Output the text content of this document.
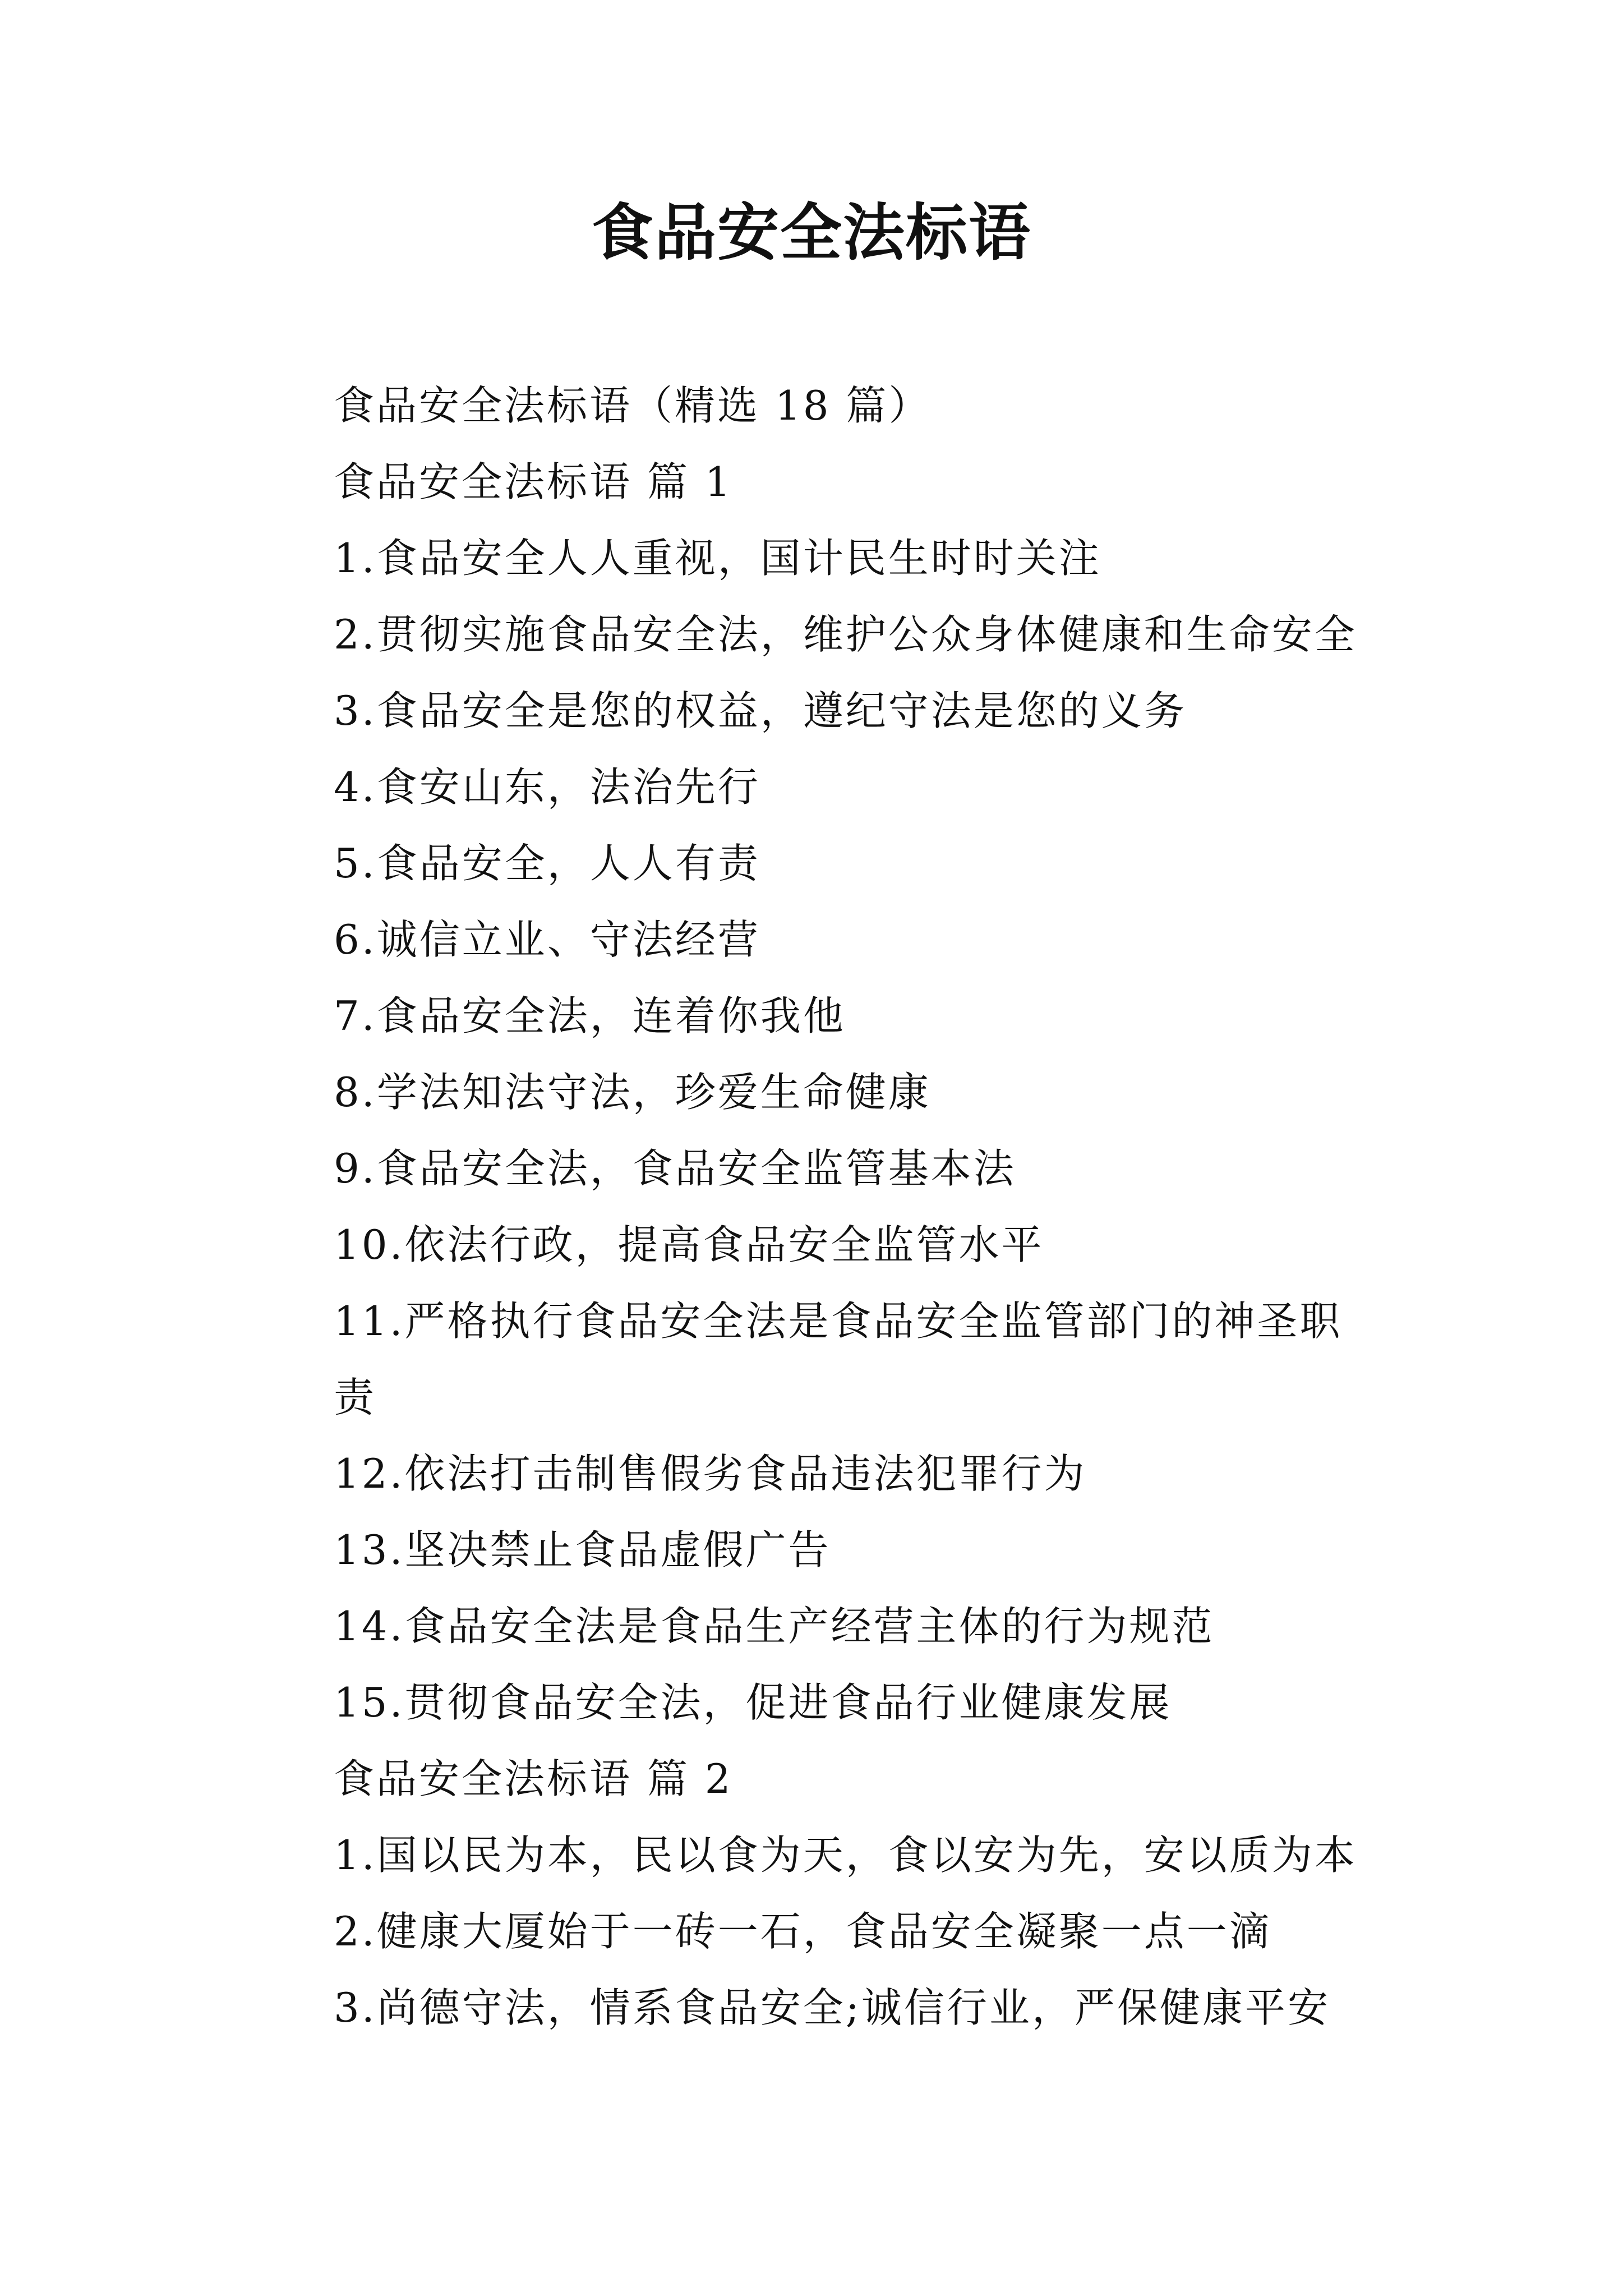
食品安全法标语
食品安全法标语（精选 18 篇）
食品安全法标语 篇 1
1.食品安全人人重视，国计民生时时关注
2.贯彻实施食品安全法，维护公众身体健康和生命安全
3.食品安全是您的权益，遵纪守法是您的义务
4.食安山东，法治先行
5.食品安全，人人有责
6.诚信立业、守法经营
7.食品安全法，连着你我他
8.学法知法守法，珍爱生命健康
9.食品安全法，食品安全监管基本法
10.依法行政，提高食品安全监管水平
11.严格执行食品安全法是食品安全监管部门的神圣职责
12.依法打击制售假劣食品违法犯罪行为
13.坚决禁止食品虚假广告
14.食品安全法是食品生产经营主体的行为规范
15.贯彻食品安全法，促进食品行业健康发展
食品安全法标语 篇 2
1.国以民为本，民以食为天，食以安为先，安以质为本
2.健康大厦始于一砖一石，食品安全凝聚一点一滴
3.尚德守法，情系食品安全;诚信行业，严保健康平安
